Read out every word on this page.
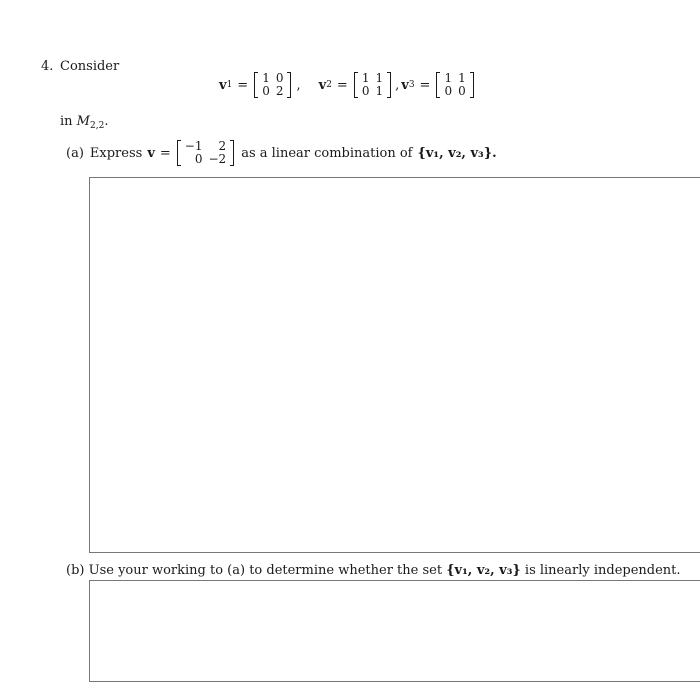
4. Consider
v 1 = 1	0
0	2 , v 2 = 1	1
0	1 , v 3 = 1	1
0	0
in $M_{2,2}$.
(a) Express v = −1	2
0	−2 as a linear combination of {v₁, v₂, v₃}.
(b) Use your working to (a) to determine whether the set {v₁, v₂, v₃} is linearly independent.
